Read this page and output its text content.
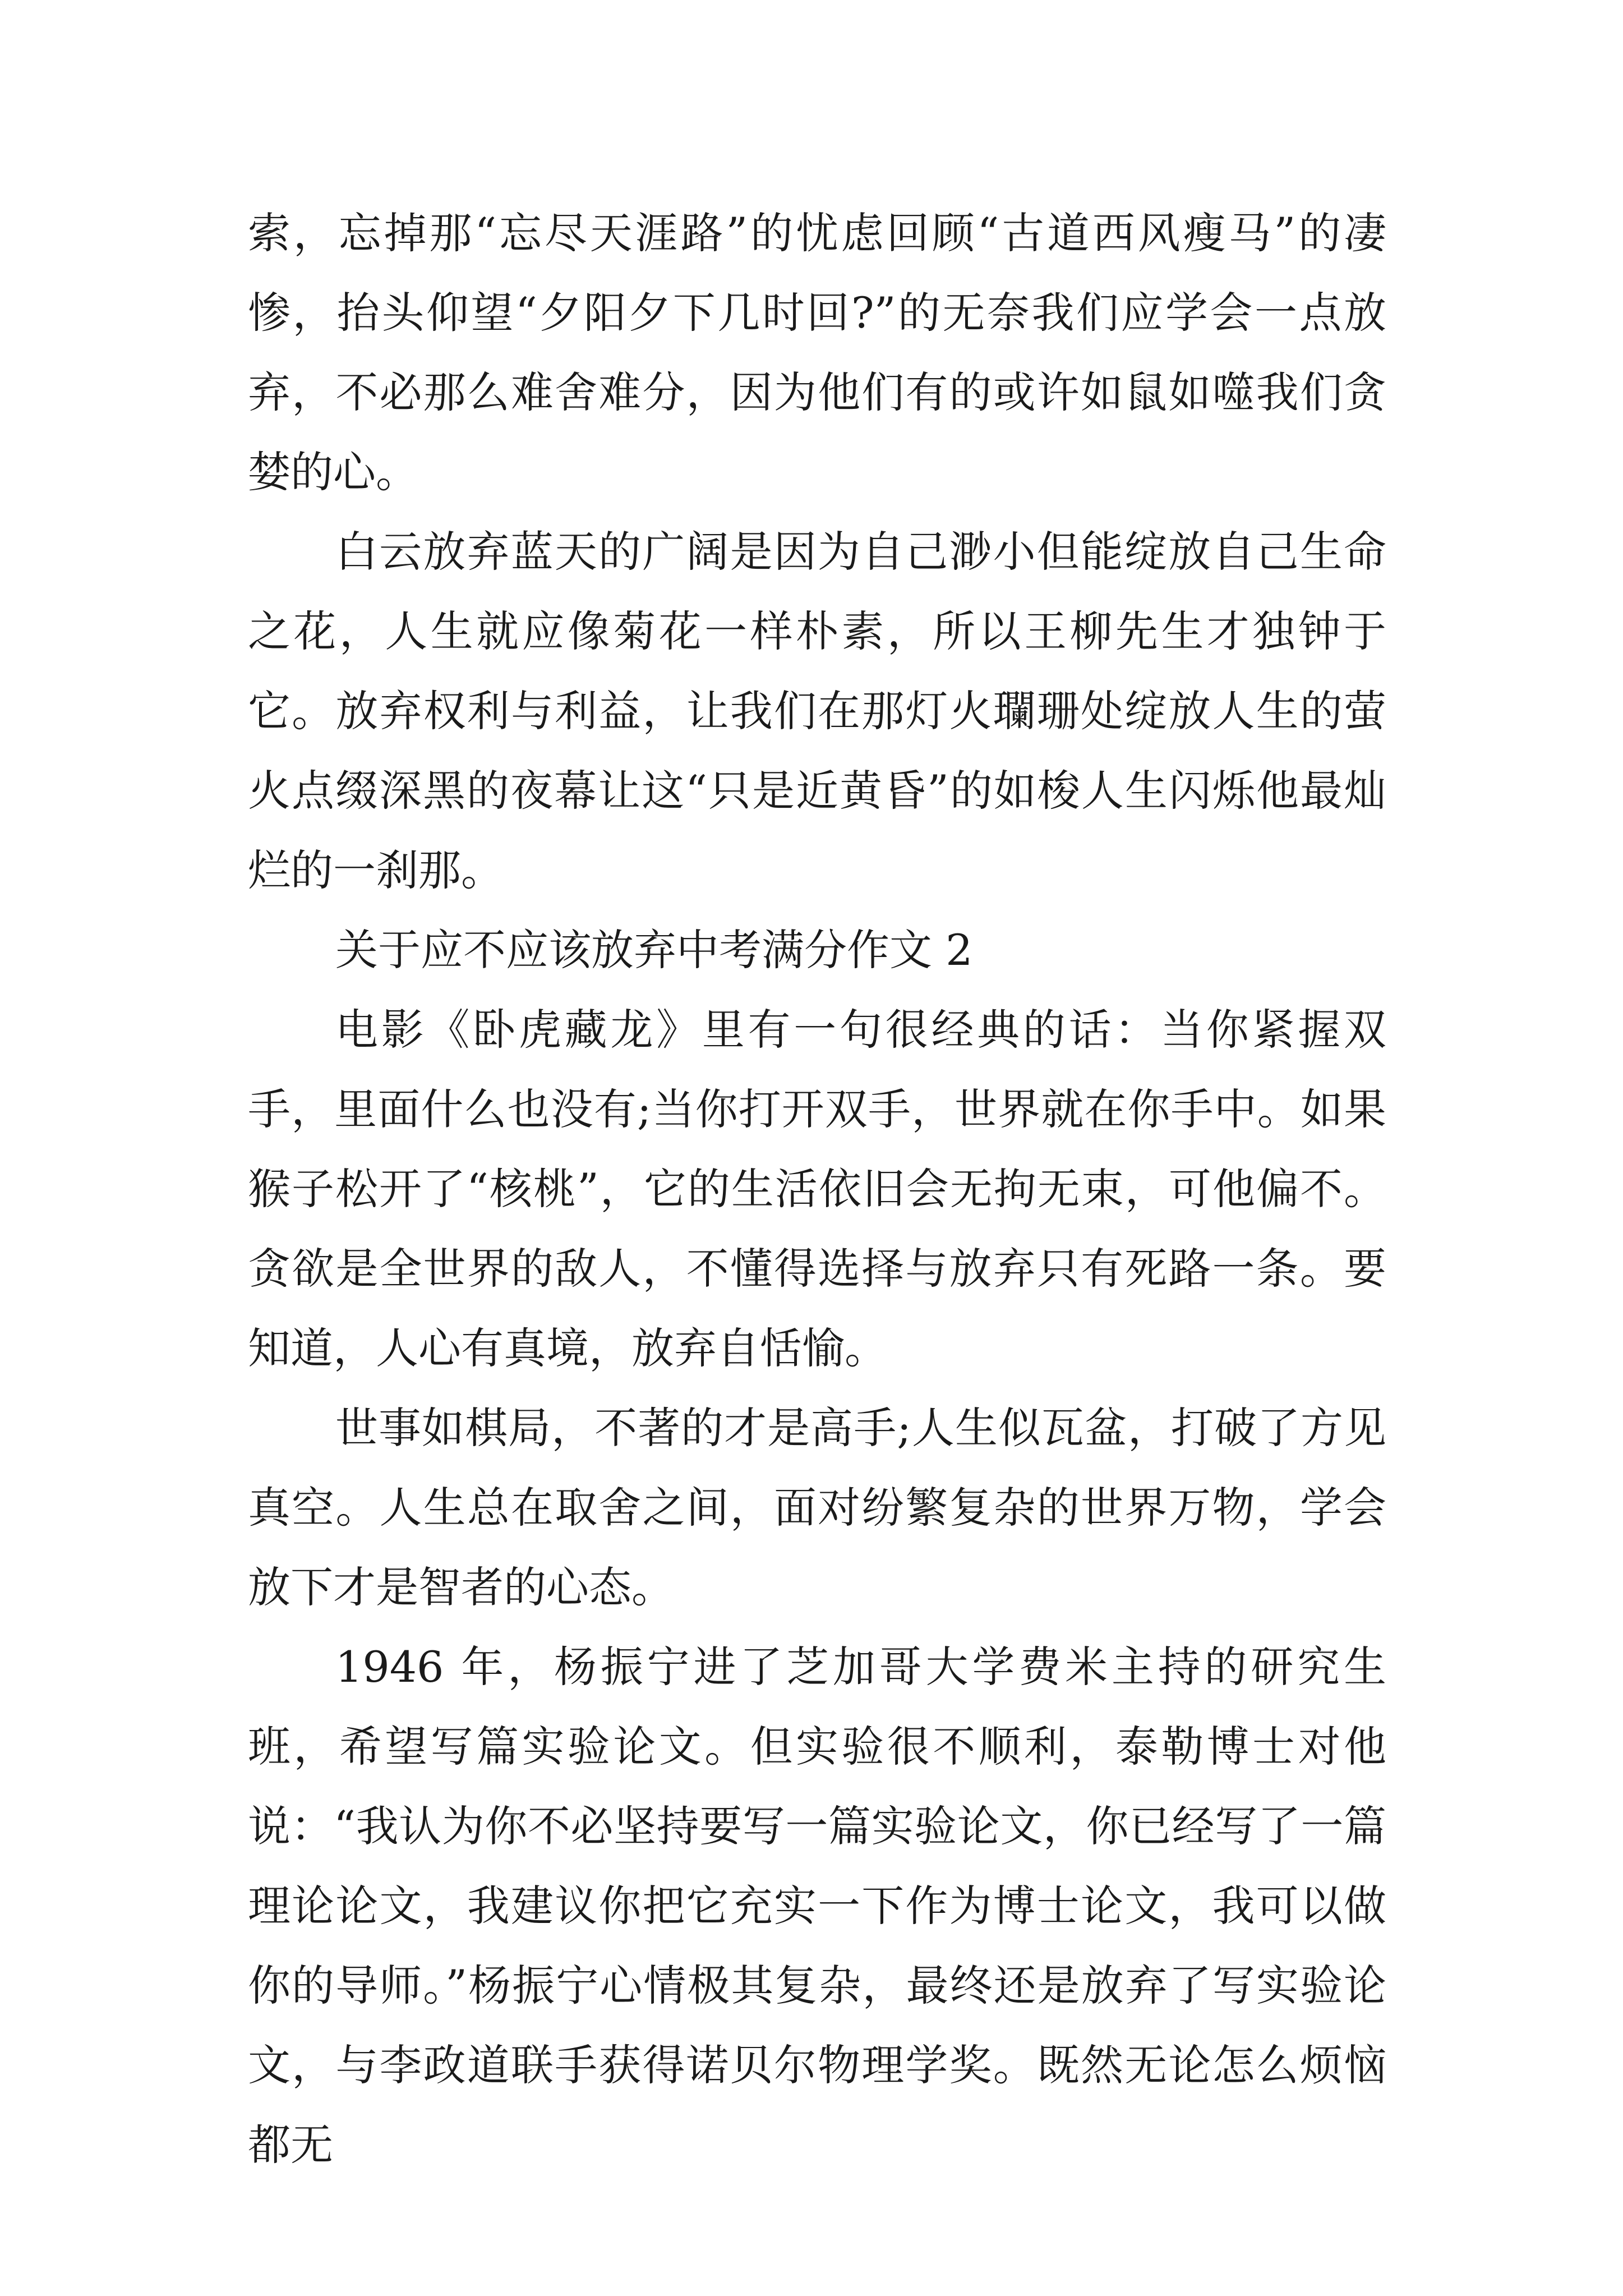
索，忘掉那“忘尽天涯路”的忧虑回顾“古道西风瘦马”的凄惨，抬头仰望“夕阳夕下几时回?”的无奈我们应学会一点放弃，不必那么难舍难分，因为他们有的或许如鼠如噬我们贪婪的心。

白云放弃蓝天的广阔是因为自己渺小但能绽放自己生命之花，人生就应像菊花一样朴素，所以王柳先生才独钟于它。放弃权利与利益，让我们在那灯火瓓珊处绽放人生的萤火点缀深黑的夜幕让这“只是近黄昏”的如梭人生闪烁他最灿烂的一刹那。

关于应不应该放弃中考满分作文 2

电影《卧虎藏龙》里有一句很经典的话：当你紧握双手，里面什么也没有;当你打开双手，世界就在你手中。如果猴子松开了“核桃”，它的生活依旧会无拘无束，可他偏不。贪欲是全世界的敌人，不懂得选择与放弃只有死路一条。要知道，人心有真境，放弃自恬愉。

世事如棋局，不著的才是高手;人生似瓦盆，打破了方见真空。人生总在取舍之间，面对纷繁复杂的世界万物，学会放下才是智者的心态。

1946 年，杨振宁进了芝加哥大学费米主持的研究生班，希望写篇实验论文。但实验很不顺利，泰勒博士对他说：“我认为你不必坚持要写一篇实验论文，你已经写了一篇理论论文，我建议你把它充实一下作为博士论文，我可以做你的导师。”杨振宁心情极其复杂，最终还是放弃了写实验论文，与李政道联手获得诺贝尔物理学奖。既然无论怎么烦恼都无
